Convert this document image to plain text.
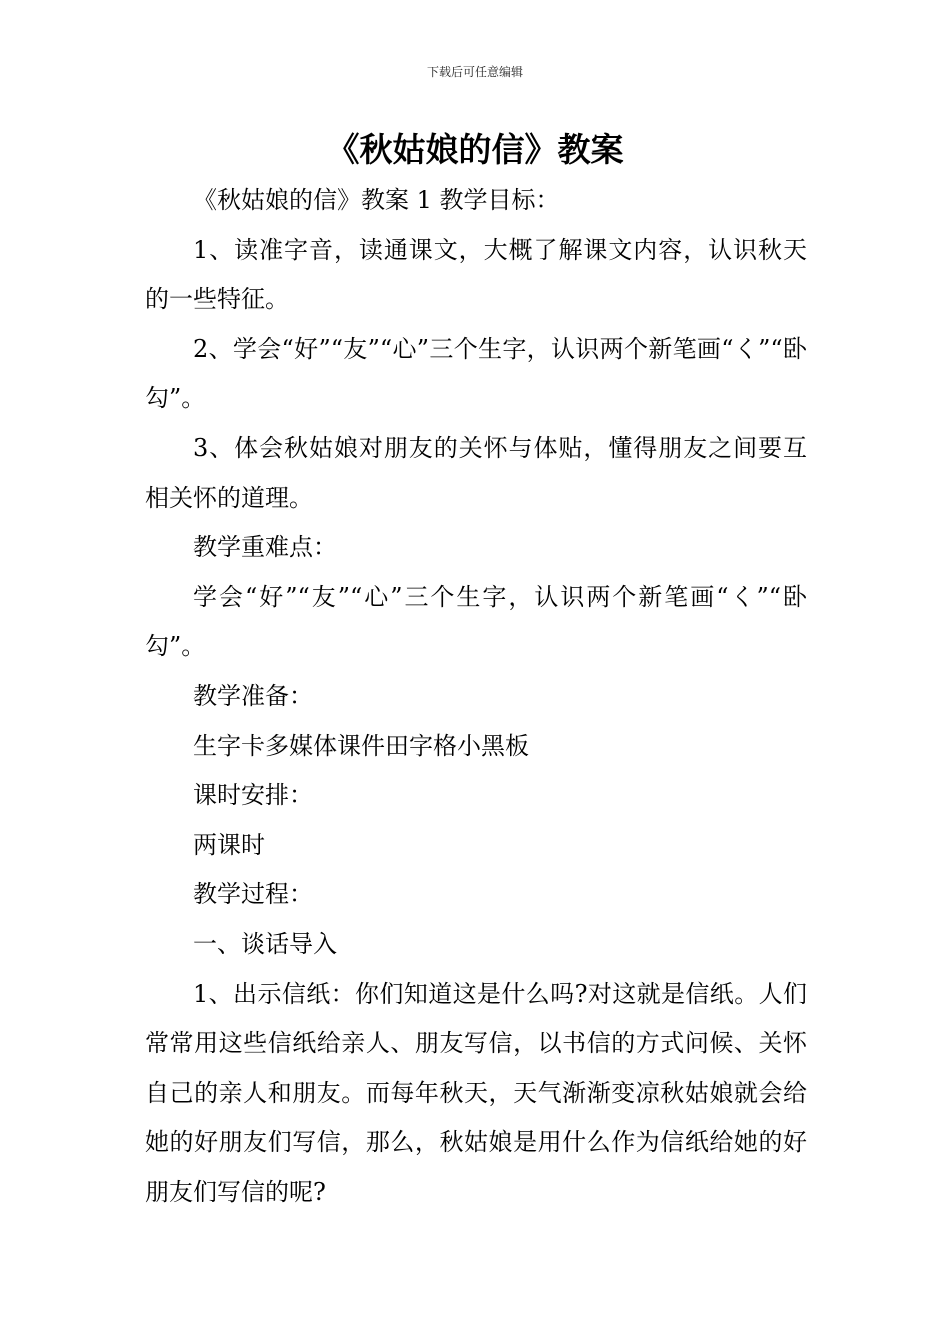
下载后可任意编辑
《秋姑娘的信》教案

《秋姑娘的信》教案 1 教学目标：

1、读准字音，读通课文，大概了解课文内容，认识秋天的一些特征。

2、学会“好”“友”“心”三个生字，认识两个新笔画“く”“卧勾”。

3、体会秋姑娘对朋友的关怀与体贴，懂得朋友之间要互相关怀的道理。

教学重难点：

学会“好”“友”“心”三个生字，认识两个新笔画“く”“卧勾”。

教学准备：

生字卡多媒体课件田字格小黑板

课时安排：

两课时

教学过程：

一、谈话导入

1、出示信纸：你们知道这是什么吗?对这就是信纸。人们常常用这些信纸给亲人、朋友写信，以书信的方式问候、关怀自己的亲人和朋友。而每年秋天，天气渐渐变凉秋姑娘就会给她的好朋友们写信，那么，秋姑娘是用什么作为信纸给她的好朋友们写信的呢?
